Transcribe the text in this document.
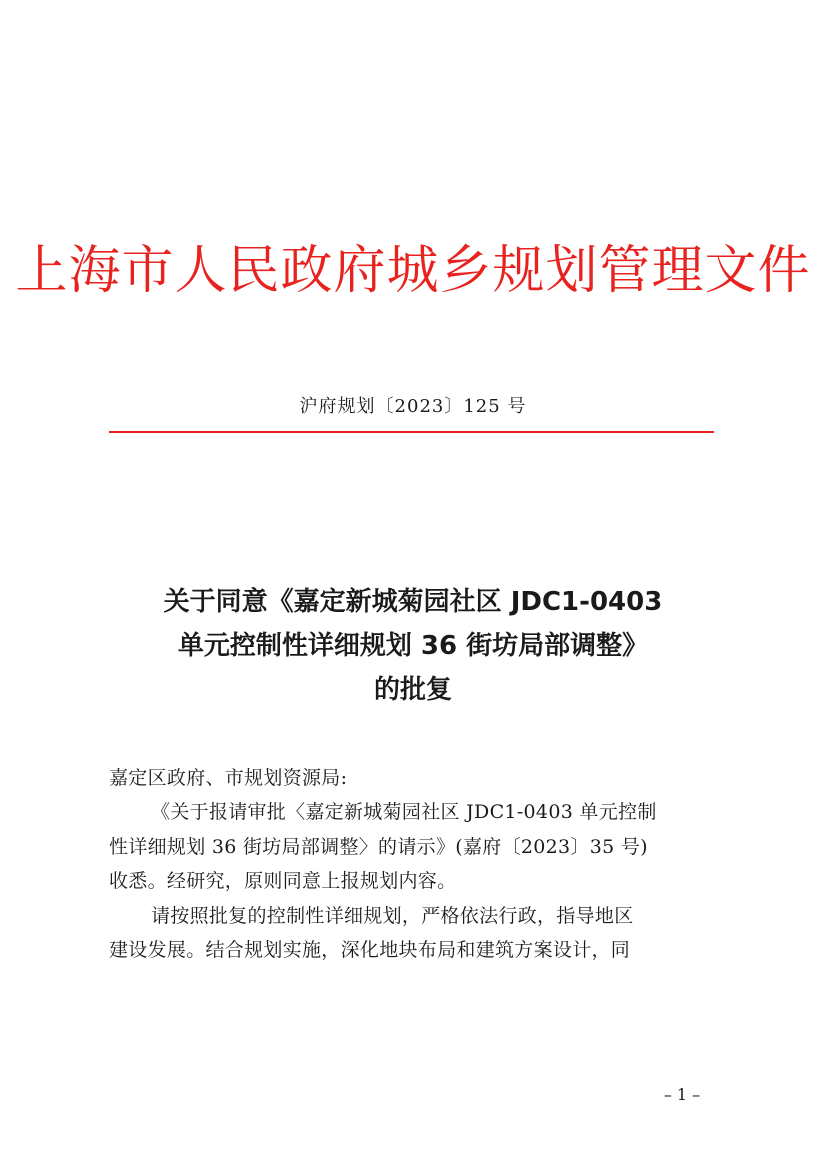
上海市人民政府城乡规划管理文件
沪府规划〔2023〕125 号
关于同意《嘉定新城菊园社区 JDC1-0403
单元控制性详细规划 36 街坊局部调整》
的批复
嘉定区政府、市规划资源局:
《关于报请审批〈嘉定新城菊园社区 JDC1-0403 单元控制
性详细规划 36 街坊局部调整〉的请示》(嘉府〔2023〕35 号)
收悉。经研究，原则同意上报规划内容。
请按照批复的控制性详细规划，严格依法行政，指导地区
建设发展。结合规划实施，深化地块布局和建筑方案设计，同
– 1 –
